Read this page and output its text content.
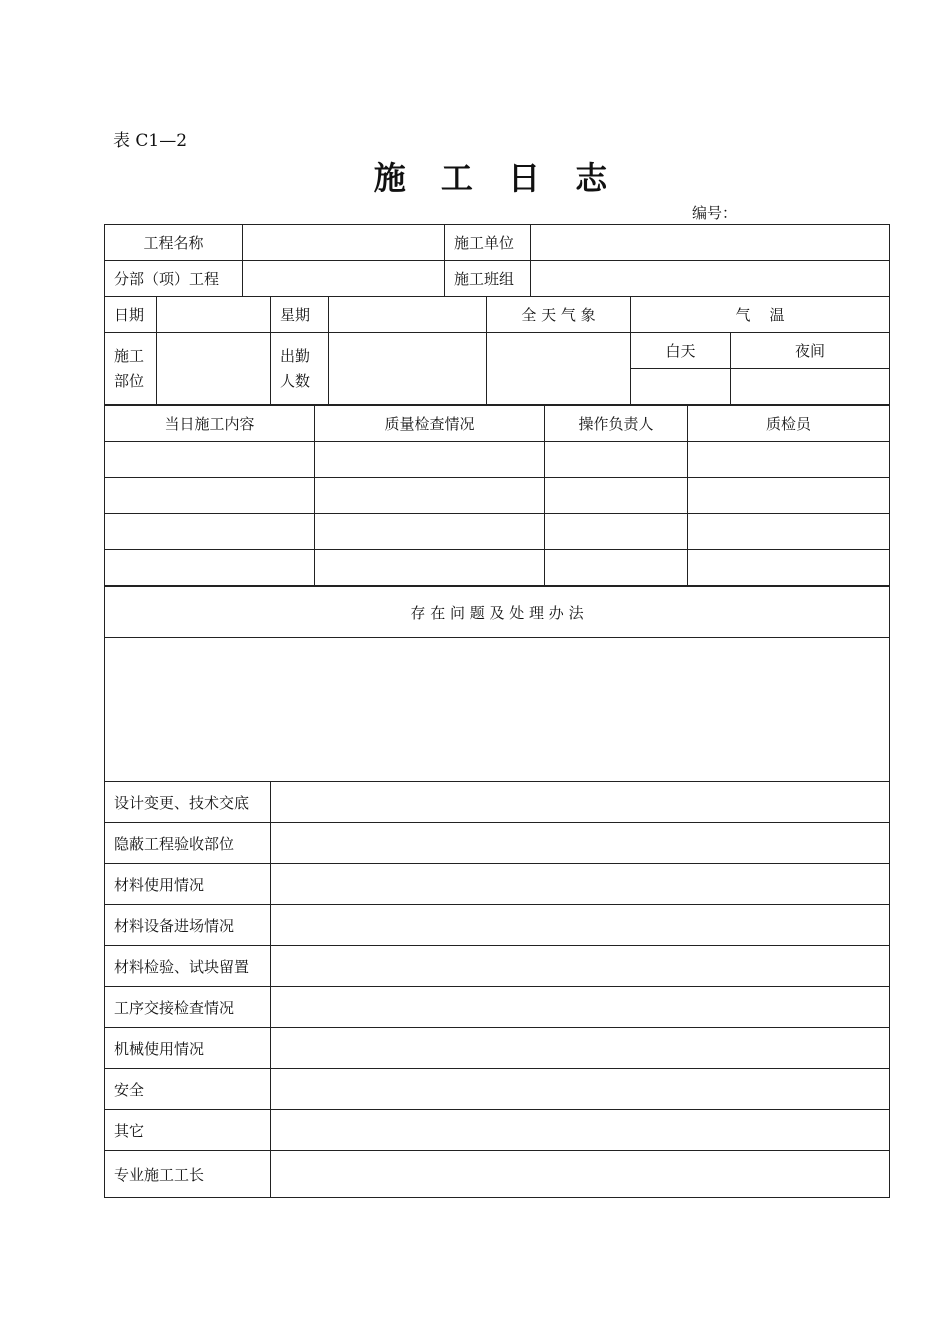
表 C1—2
施 工 日 志
编号：
工程名称		施工单位	
分部（项）工程		施工班组	
日期		星期		全 天 气 象	气    温	
施工部位		出勤人数			白天	夜间

当日施工内容	质量检查情况	操作负责人	质检员

存 在 问 题 及 处 理 办 法

设计变更、技术交底	
隐蔽工程验收部位	
材料使用情况	
材料设备进场情况	
材料检验、试块留置	
工序交接检查情况	
机械使用情况	
安全	
其它	
专业施工工长	
